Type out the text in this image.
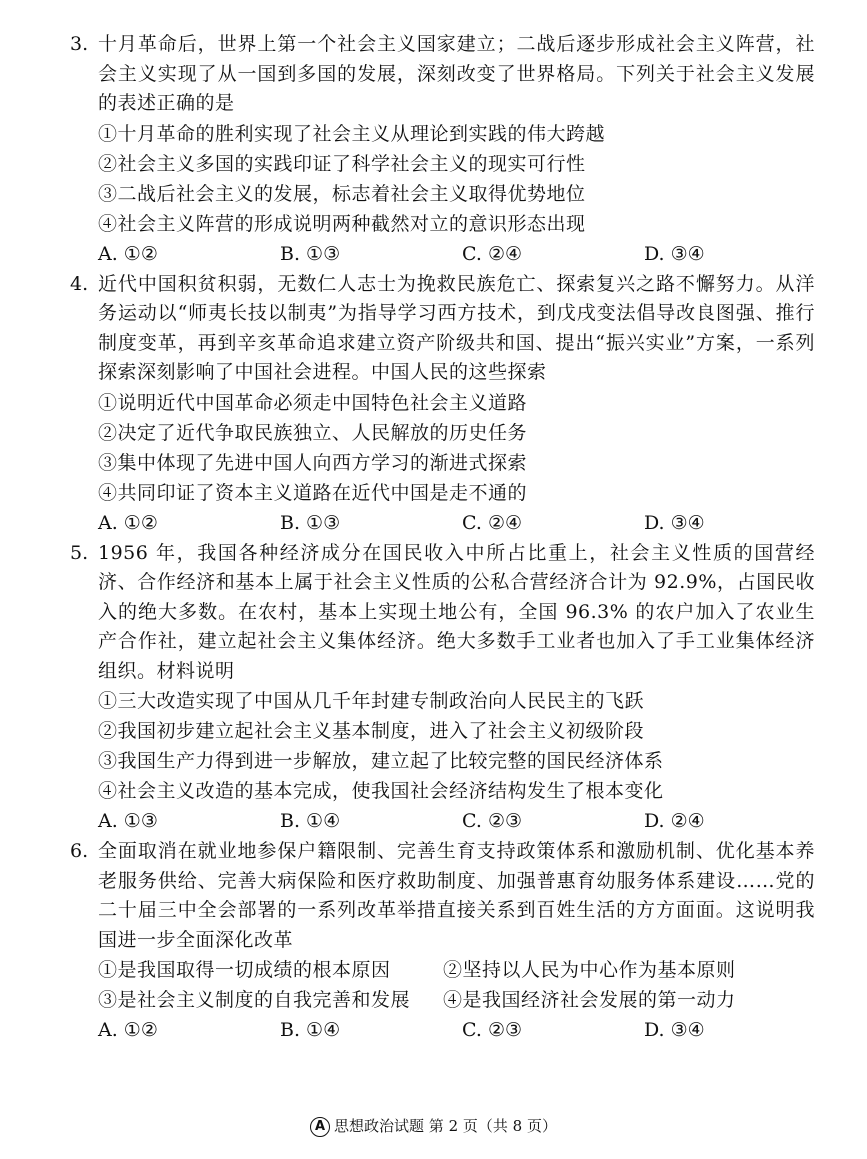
3. 十月革命后，世界上第一个社会主义国家建立；二战后逐步形成社会主义阵营，社会主义实现了从一国到多国的发展，深刻改变了世界格局。下列关于社会主义发展的表述正确的是
①十月革命的胜利实现了社会主义从理论到实践的伟大跨越
②社会主义多国的实践印证了科学社会主义的现实可行性
③二战后社会主义的发展，标志着社会主义取得优势地位
④社会主义阵营的形成说明两种截然对立的意识形态出现
A. ①②	B. ①③	C. ②④	D. ③④
4. 近代中国积贫积弱，无数仁人志士为挽救民族危亡、探索复兴之路不懈努力。从洋务运动以“师夷长技以制夷”为指导学习西方技术，到戊戌变法倡导改良图强、推行制度变革，再到辛亥革命追求建立资产阶级共和国、提出“振兴实业”方案，一系列探索深刻影响了中国社会进程。中国人民的这些探索
①说明近代中国革命必须走中国特色社会主义道路
②决定了近代争取民族独立、人民解放的历史任务
③集中体现了先进中国人向西方学习的渐进式探索
④共同印证了资本主义道路在近代中国是走不通的
A. ①②	B. ①③	C. ②④	D. ③④
5. 1956 年，我国各种经济成分在国民收入中所占比重上，社会主义性质的国营经济、合作经济和基本上属于社会主义性质的公私合营经济合计为 92.9%，占国民收入的绝大多数。在农村，基本上实现土地公有，全国 96.3% 的农户加入了农业生产合作社，建立起社会主义集体经济。绝大多数手工业者也加入了手工业集体经济组织。材料说明
①三大改造实现了中国从几千年封建专制政治向人民民主的飞跃
②我国初步建立起社会主义基本制度，进入了社会主义初级阶段
③我国生产力得到进一步解放，建立起了比较完整的国民经济体系
④社会主义改造的基本完成，使我国社会经济结构发生了根本变化
A. ①③	B. ①④	C. ②③	D. ②④
6. 全面取消在就业地参保户籍限制、完善生育支持政策体系和激励机制、优化基本养老服务供给、完善大病保险和医疗救助制度、加强普惠育幼服务体系建设……党的二十届三中全会部署的一系列改革举措直接关系到百姓生活的方方面面。这说明我国进一步全面深化改革
①是我国取得一切成绩的根本原因	②坚持以人民为中心作为基本原则
③是社会主义制度的自我完善和发展	④是我国经济社会发展的第一动力
A. ①②	B. ①④	C. ②③	D. ③④
A 思想政治试题 第 2 页（共 8 页）
